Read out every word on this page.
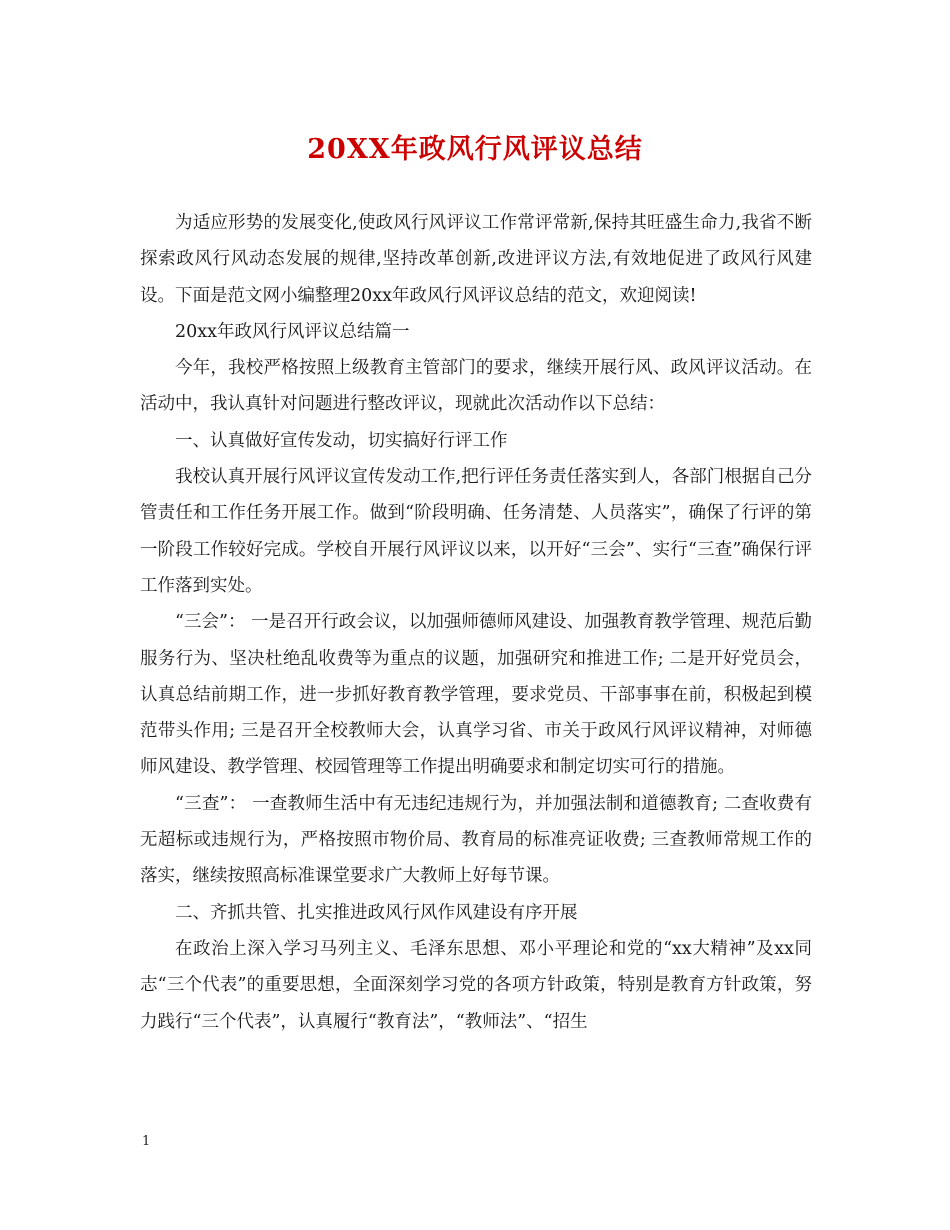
20XX年政风行风评议总结

为适应形势的发展变化,使政风行风评议工作常评常新,保持其旺盛生命力,我省不断探索政风行风动态发展的规律,坚持改革创新,改进评议方法,有效地促进了政风行风建设。下面是范文网小编整理20xx年政风行风评议总结的范文，欢迎阅读!

20xx年政风行风评议总结篇一

今年，我校严格按照上级教育主管部门的要求，继续开展行风、政风评议活动。在活动中，我认真针对问题进行整改评议，现就此次活动作以下总结：

一、认真做好宣传发动，切实搞好行评工作

我校认真开展行风评议宣传发动工作,把行评任务责任落实到人，各部门根据自己分管责任和工作任务开展工作。做到“阶段明确、任务清楚、人员落实”，确保了行评的第一阶段工作较好完成。学校自开展行风评议以来，以开好“三会”、实行“三查”确保行评工作落到实处。

“三会”： 一是召开行政会议，以加强师德师风建设、加强教育教学管理、规范后勤服务行为、坚决杜绝乱收费等为重点的议题，加强研究和推进工作; 二是开好党员会，认真总结前期工作，进一步抓好教育教学管理，要求党员、干部事事在前，积极起到模范带头作用; 三是召开全校教师大会，认真学习省、市关于政风行风评议精神，对师德师风建设、教学管理、校园管理等工作提出明确要求和制定切实可行的措施。

“三查”： 一查教师生活中有无违纪违规行为，并加强法制和道德教育; 二查收费有无超标或违规行为，严格按照市物价局、教育局的标准亮证收费; 三查教师常规工作的落实，继续按照高标准课堂要求广大教师上好每节课。

二、齐抓共管、扎实推进政风行风作风建设有序开展

在政治上深入学习马列主义、毛泽东思想、邓小平理论和党的“xx大精神”及xx同志“三个代表”的重要思想，全面深刻学习党的各项方针政策，特别是教育方针政策，努力践行“三个代表”，认真履行“教育法”，“教师法”、“招生

1
